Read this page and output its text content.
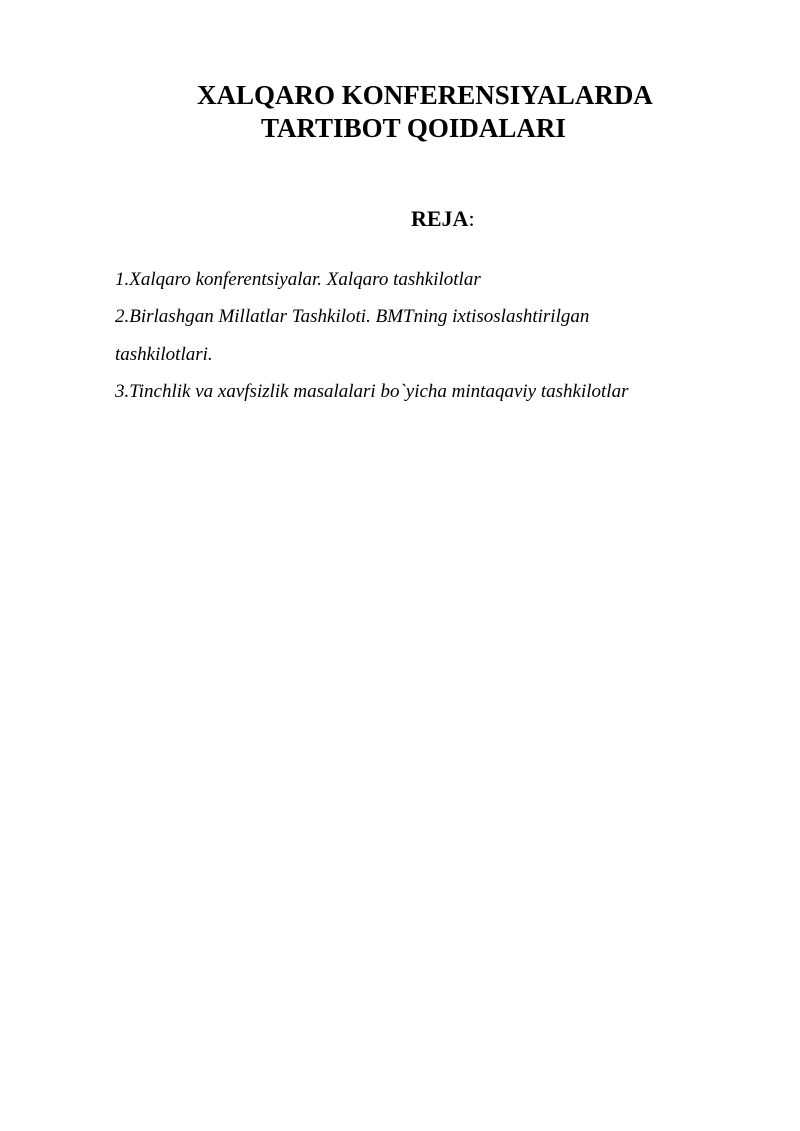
XALQARO KONFERENSIYALARDA
TARTIBOT QOIDALARI
REJA:
1.Xalqaro konferentsiyalar. Xalqaro tashkilotlar
2.Birlashgan Millatlar Tashkiloti. BMTning ixtisoslashtirilgan
tashkilotlari.
3.Tinchlik va xavfsizlik masalalari bo`yicha mintaqaviy tashkilotlar
